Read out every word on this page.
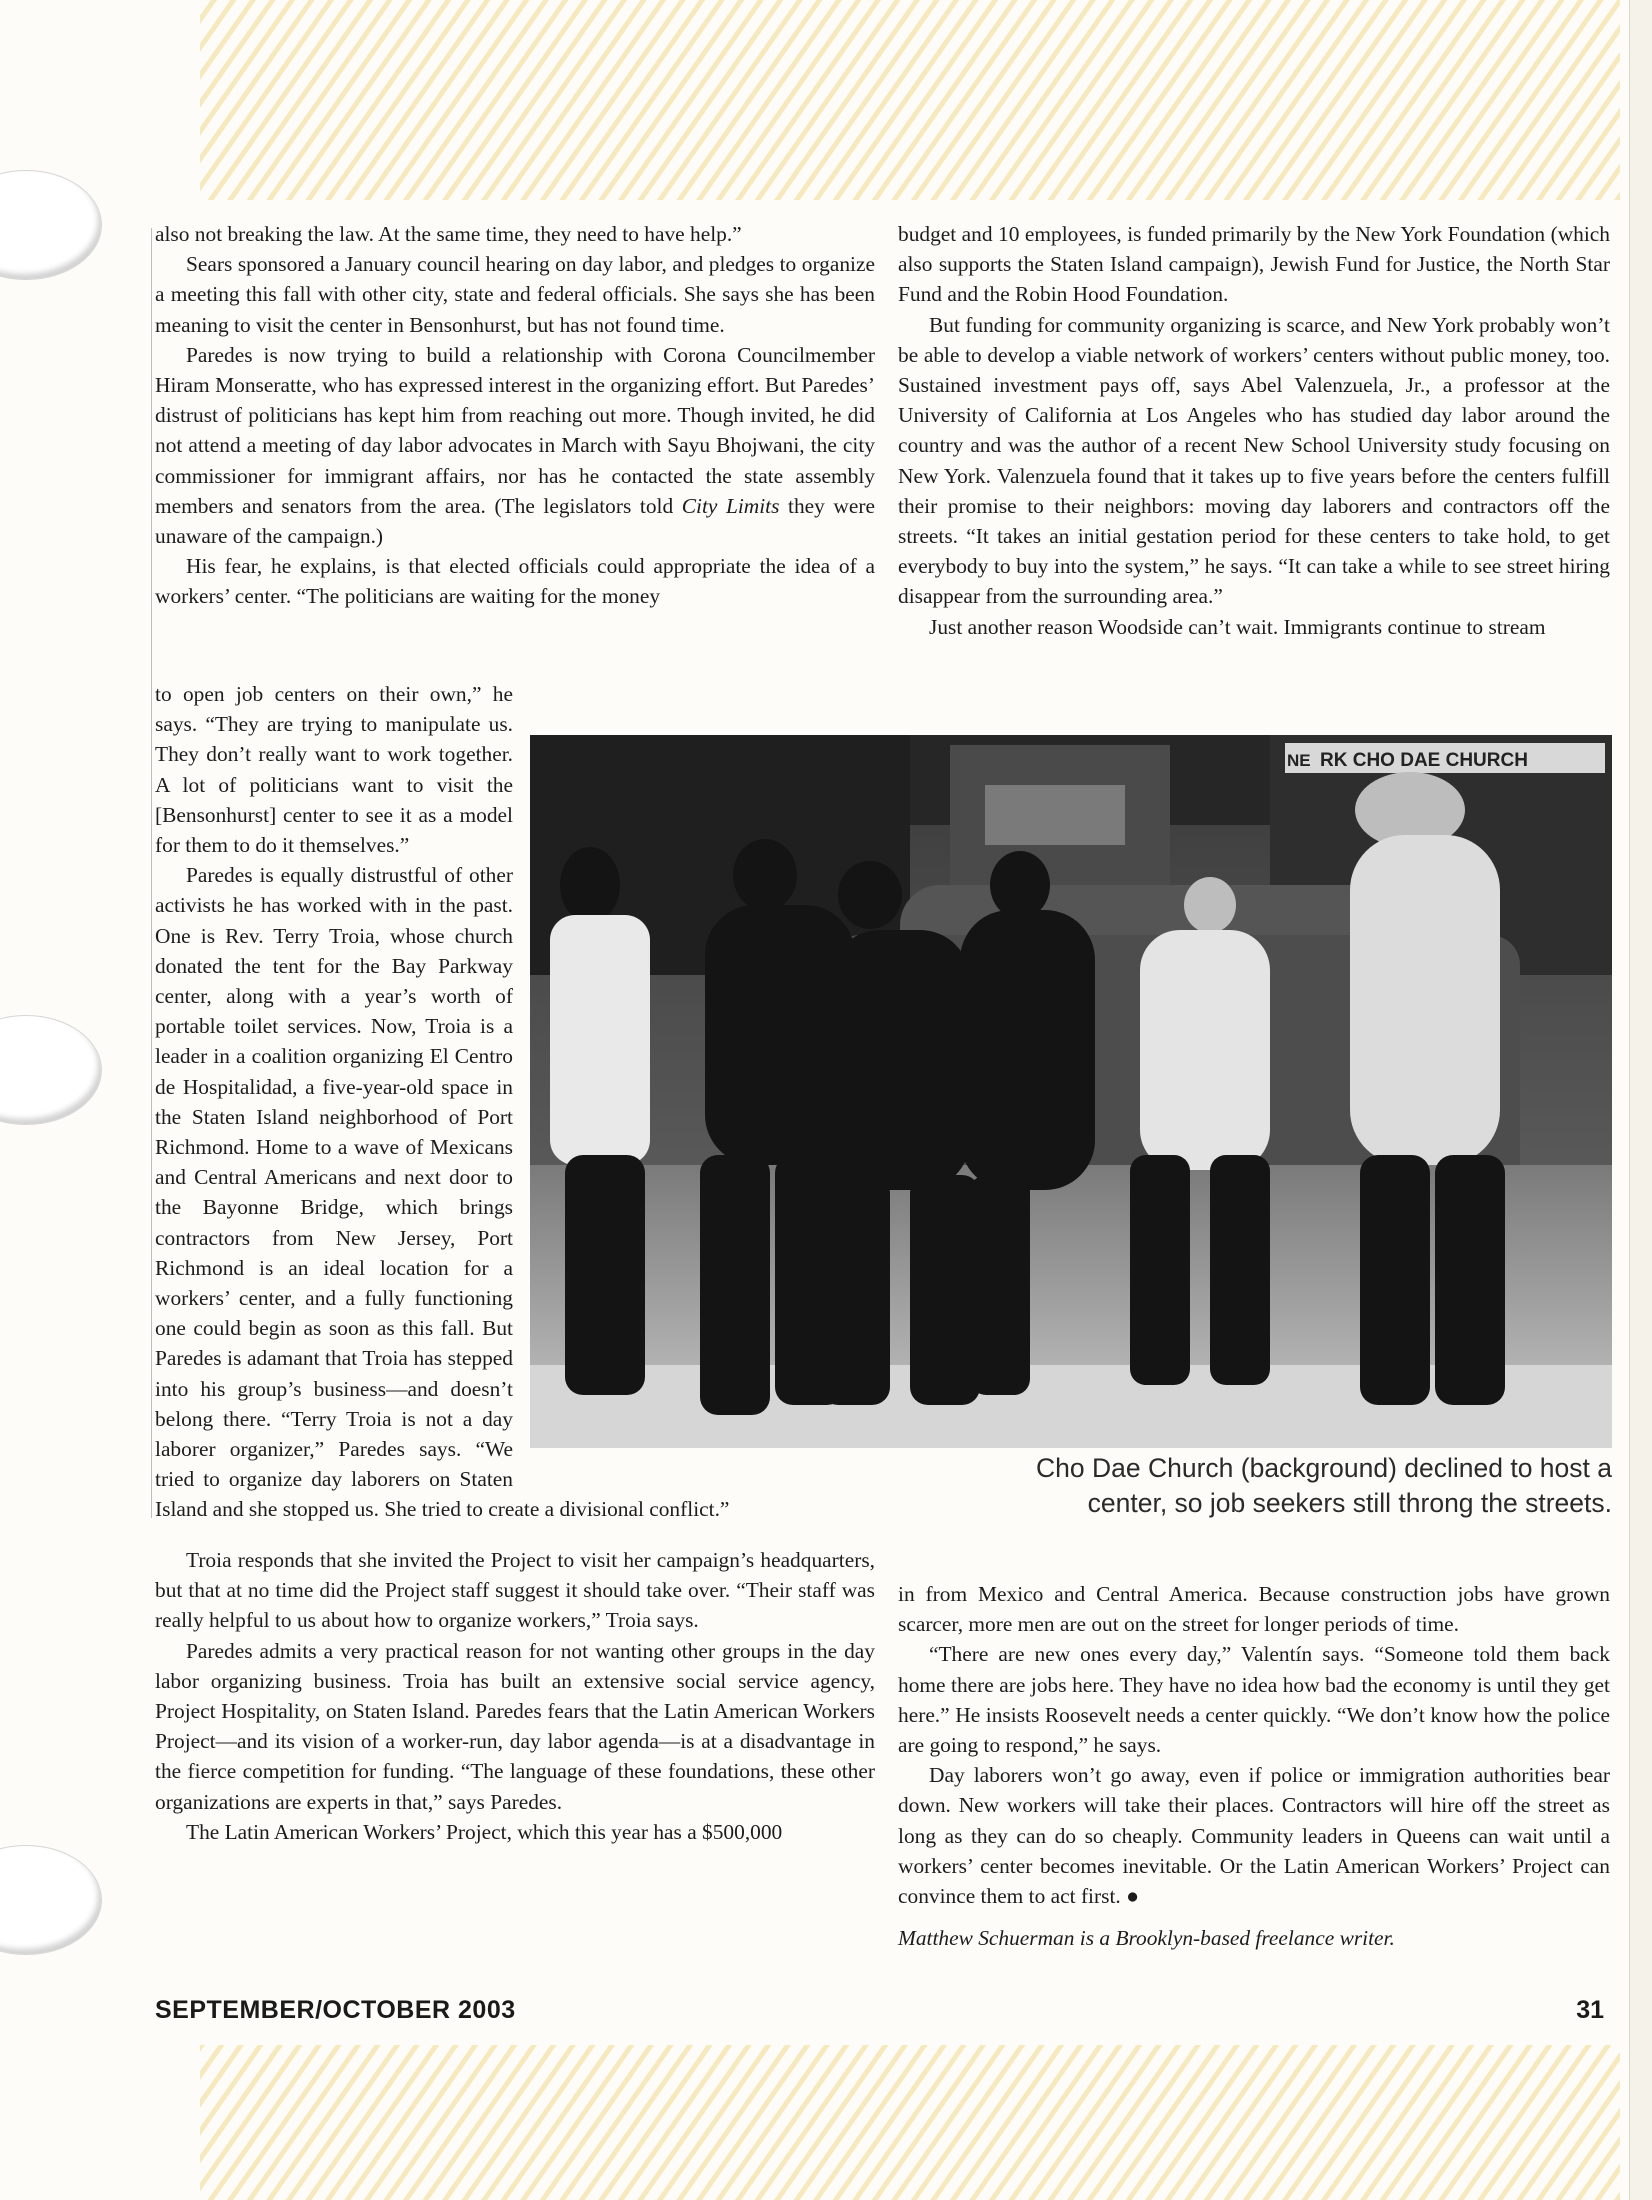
also not breaking the law. At the same time, they need to have help.”

Sears sponsored a January council hearing on day labor, and pledges to organize a meeting this fall with other city, state and federal officials. She says she has been meaning to visit the center in Bensonhurst, but has not found time.

Paredes is now trying to build a relationship with Corona Councilmember Hiram Monseratte, who has expressed interest in the organizing effort. But Paredes’ distrust of politicians has kept him from reaching out more. Though invited, he did not attend a meeting of day labor advocates in March with Sayu Bhojwani, the city commissioner for immigrant affairs, nor has he contacted the state assembly members and senators from the area. (The legislators told City Limits they were unaware of the campaign.)

His fear, he explains, is that elected officials could appropriate the idea of a workers’ center. “The politicians are waiting for the money

to open job centers on their own,” he says. “They are trying to manipulate us. They don’t really want to work together. A lot of politicians want to visit the [Bensonhurst] center to see it as a model for them to do it themselves.”

Paredes is equally distrustful of other activists he has worked with in the past. One is Rev. Terry Troia, whose church donated the tent for the Bay Parkway center, along with a year’s worth of portable toilet services. Now, Troia is a leader in a coalition organizing El Centro de Hospitalidad, a five-year-old space in the Staten Island neighborhood of Port Richmond. Home to a wave of Mexicans and Central Americans and next door to the Bayonne Bridge, which brings contractors from New Jersey, Port Richmond is an ideal location for a workers’ center, and a fully functioning one could begin as soon as this fall. But Paredes is adamant that Troia has stepped into his group’s business—and doesn’t belong there. “Terry Troia is not a day laborer organizer,” Paredes says. “We tried to organize day laborers on Staten Island and she stopped us. She tried to create a divisional conflict.”

Troia responds that she invited the Project to visit her campaign’s headquarters, but that at no time did the Project staff suggest it should take over. “Their staff was really helpful to us about how to organize workers,” Troia says.

Paredes admits a very practical reason for not wanting other groups in the day labor organizing business. Troia has built an extensive social service agency, Project Hospitality, on Staten Island. Paredes fears that the Latin American Workers Project—and its vision of a worker-run, day labor agenda—is at a disadvantage in the fierce competition for funding. “The language of these foundations, these other organizations are experts in that,” says Paredes.

The Latin American Workers’ Project, which this year has a $500,000

budget and 10 employees, is funded primarily by the New York Foundation (which also supports the Staten Island campaign), Jewish Fund for Justice, the North Star Fund and the Robin Hood Foundation.

But funding for community organizing is scarce, and New York probably won’t be able to develop a viable network of workers’ centers without public money, too. Sustained investment pays off, says Abel Valenzuela, Jr., a professor at the University of California at Los Angeles who has studied day labor around the country and was the author of a recent New School University study focusing on New York. Valenzuela found that it takes up to five years before the centers fulfill their promise to their neighbors: moving day laborers and contractors off the streets. “It takes an initial gestation period for these centers to take hold, to get everybody to buy into the system,” he says. “It can take a while to see street hiring disappear from the surrounding area.”

Just another reason Woodside can’t wait. Immigrants continue to stream

RK CHO DAE CHURCH
NE
Cho Dae Church (background) declined to host a
center, so job seekers still throng the streets.

in from Mexico and Central America. Because construction jobs have grown scarcer, more men are out on the street for longer periods of time.

“There are new ones every day,” Valentín says. “Someone told them back home there are jobs here. They have no idea how bad the economy is until they get here.” He insists Roosevelt needs a center quickly. “We don’t know how the police are going to respond,” he says.

Day laborers won’t go away, even if police or immigration authorities bear down. New workers will take their places. Contractors will hire off the street as long as they can do so cheaply. Community leaders in Queens can wait until a workers’ center becomes inevitable. Or the Latin American Workers’ Project can convince them to act first. ●

Matthew Schuerman is a Brooklyn-based freelance writer.

SEPTEMBER/OCTOBER 2003	31
